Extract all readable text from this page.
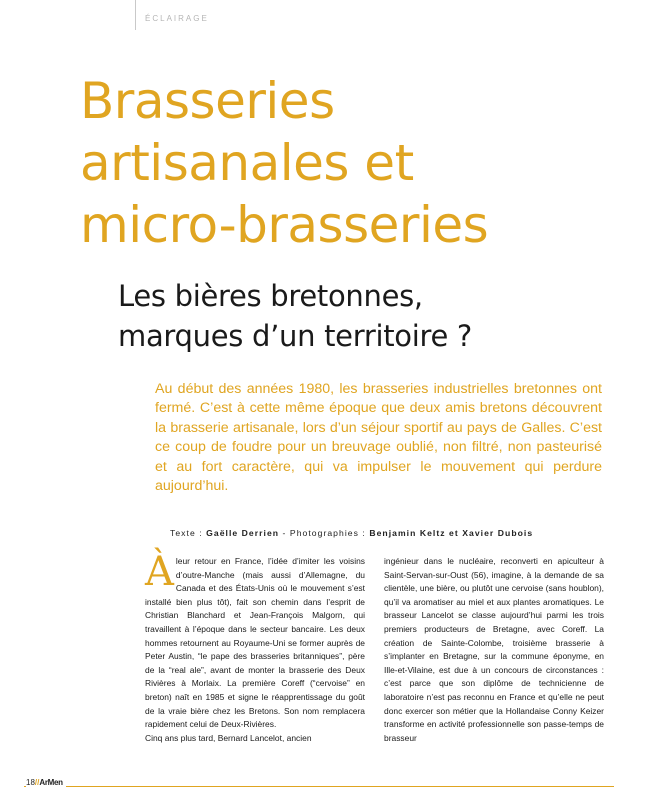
ÉCLAIRAGE
Brasseries
artisanales et
micro-brasseries
Les bières bretonnes,
marques d’un territoire ?

Au début des années 1980, les brasseries industrielles bretonnes ont fermé. C’est à cette même époque que deux amis bretons découvrent la brasserie artisanale, lors d’un séjour sportif au pays de Galles. C’est ce coup de foudre pour un breuvage oublié, non filtré, non pasteurisé et au fort caractère, qui va impulser le mouvement qui perdure aujourd’hui.

Texte : Gaëlle Derrien - Photographies : Benjamin Keltz et Xavier Dubois

Àleur retour en France, l’idée d’imiter les voisins d’outre-Manche (mais aussi d’Allemagne, du Canada et des États-Unis où le mouvement s’est installé bien plus tôt), fait son chemin dans l’esprit de Christian Blanchard et Jean-François Malgorn, qui travaillent à l’époque dans le secteur bancaire. Les deux hommes retournent au Royaume-Uni se former auprès de Peter Austin, “le pape des brasseries britanniques”, père de la “real ale”, avant de monter la brasserie des Deux Rivières à Morlaix. La première Coreff (“cervoise” en breton) naît en 1985 et signe le réapprentissage du goût de la vraie bière chez les Bretons. Son nom remplacera rapidement celui de Deux-Rivières.

Cinq ans plus tard, Bernard Lancelot, ancien

ingénieur dans le nucléaire, reconverti en apiculteur à Saint-Servan-sur-Oust (56), imagine, à la demande de sa clientèle, une bière, ou plutôt une cervoise (sans houblon), qu’il va aromatiser au miel et aux plantes aromatiques. Le brasseur Lancelot se classe aujourd’hui parmi les trois premiers producteurs de Bretagne, avec Coreff. La création de Sainte-Colombe, troisième brasserie à s’implanter en Bretagne, sur la commune éponyme, en Ille-et-Vilaine, est due à un concours de circonstances : c’est parce que son diplôme de technicienne de laboratoire n’est pas reconnu en France et qu’elle ne peut donc exercer son métier que la Hollandaise Conny Keizer transforme en activité professionnelle son passe-temps de brasseur

18//ArMen
